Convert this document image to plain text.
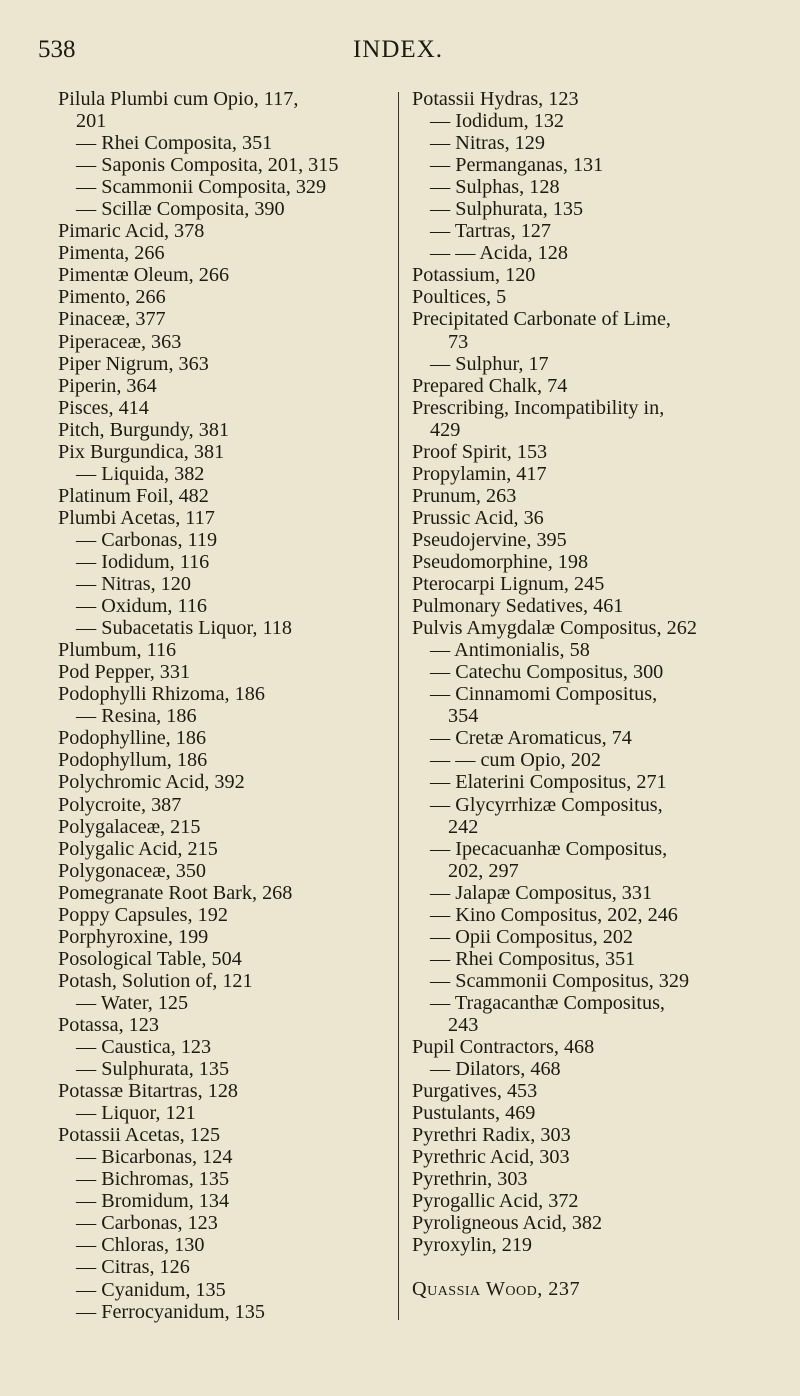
538	INDEX.
Pilula Plumbi cum Opio, 117,
201
— Rhei Composita, 351
— Saponis Composita, 201, 315
— Scammonii Composita, 329
— Scillæ Composita, 390
Pimaric Acid, 378
Pimenta, 266
Pimentæ Oleum, 266
Pimento, 266
Pinaceæ, 377
Piperaceæ, 363
Piper Nigrum, 363
Piperin, 364
Pisces, 414
Pitch, Burgundy, 381
Pix Burgundica, 381
— Liquida, 382
Platinum Foil, 482
Plumbi Acetas, 117
— Carbonas, 119
— Iodidum, 116
— Nitras, 120
— Oxidum, 116
— Subacetatis Liquor, 118
Plumbum, 116
Pod Pepper, 331
Podophylli Rhizoma, 186
— Resina, 186
Podophylline, 186
Podophyllum, 186
Polychromic Acid, 392
Polycroite, 387
Polygalaceæ, 215
Polygalic Acid, 215
Polygonaceæ, 350
Pomegranate Root Bark, 268
Poppy Capsules, 192
Porphyroxine, 199
Posological Table, 504
Potash, Solution of, 121
— Water, 125
Potassa, 123
— Caustica, 123
— Sulphurata, 135
Potassæ Bitartras, 128
— Liquor, 121
Potassii Acetas, 125
— Bicarbonas, 124
— Bichromas, 135
— Bromidum, 134
— Carbonas, 123
— Chloras, 130
— Citras, 126
— Cyanidum, 135
— Ferrocyanidum, 135
Potassii Hydras, 123
— Iodidum, 132
— Nitras, 129
— Permanganas, 131
— Sulphas, 128
— Sulphurata, 135
— Tartras, 127
— — Acida, 128
Potassium, 120
Poultices, 5
Precipitated Carbonate of Lime,
73
— Sulphur, 17
Prepared Chalk, 74
Prescribing, Incompatibility in,
429
Proof Spirit, 153
Propylamin, 417
Prunum, 263
Prussic Acid, 36
Pseudojervine, 395
Pseudomorphine, 198
Pterocarpi Lignum, 245
Pulmonary Sedatives, 461
Pulvis Amygdalæ Compositus, 262
— Antimonialis, 58
— Catechu Compositus, 300
— Cinnamomi Compositus,
354
— Cretæ Aromaticus, 74
— — cum Opio, 202
— Elaterini Compositus, 271
— Glycyrrhizæ Compositus,
242
— Ipecacuanhæ Compositus,
202, 297
— Jalapæ Compositus, 331
— Kino Compositus, 202, 246
— Opii Compositus, 202
— Rhei Compositus, 351
— Scammonii Compositus, 329
— Tragacanthæ Compositus,
243
Pupil Contractors, 468
— Dilators, 468
Purgatives, 453
Pustulants, 469
Pyrethri Radix, 303
Pyrethric Acid, 303
Pyrethrin, 303
Pyrogallic Acid, 372
Pyroligneous Acid, 382
Pyroxylin, 219
Quassia Wood, 237
